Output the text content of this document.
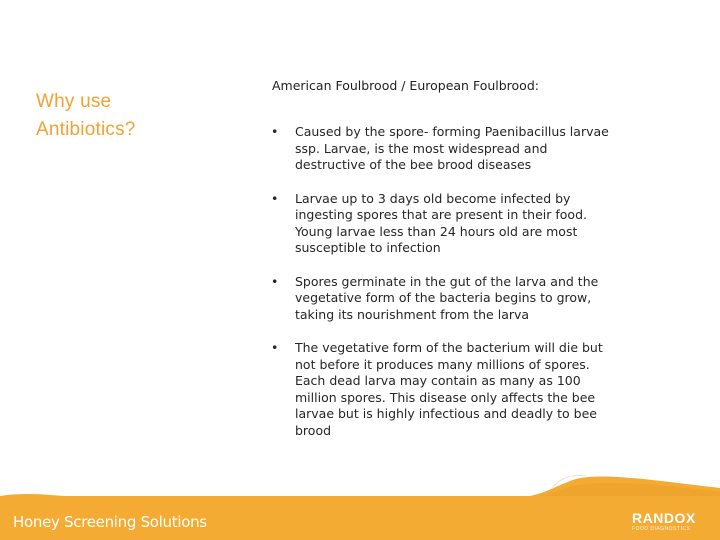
Why use
Antibiotics?
American Foulbrood / European Foulbrood:
•	Caused by the spore- forming Paenibacillus larvae ssp. Larvae, is the most widespread and destructive of the bee brood diseases
•	Larvae up to 3 days old become infected by ingesting spores that are present in their food. Young larvae less than 24 hours old are most susceptible to infection
•	Spores germinate in the gut of the larva and the vegetative form of the bacteria begins to grow, taking its nourishment from the larva
•	The vegetative form of the bacterium will die but not before it produces many millions of spores. Each dead larva may contain as many as 100 million spores. This disease only affects the bee larvae but is highly infectious and deadly to bee brood
Honey Screening Solutions	RANDOX
FOOD DIAGNOSTICS
